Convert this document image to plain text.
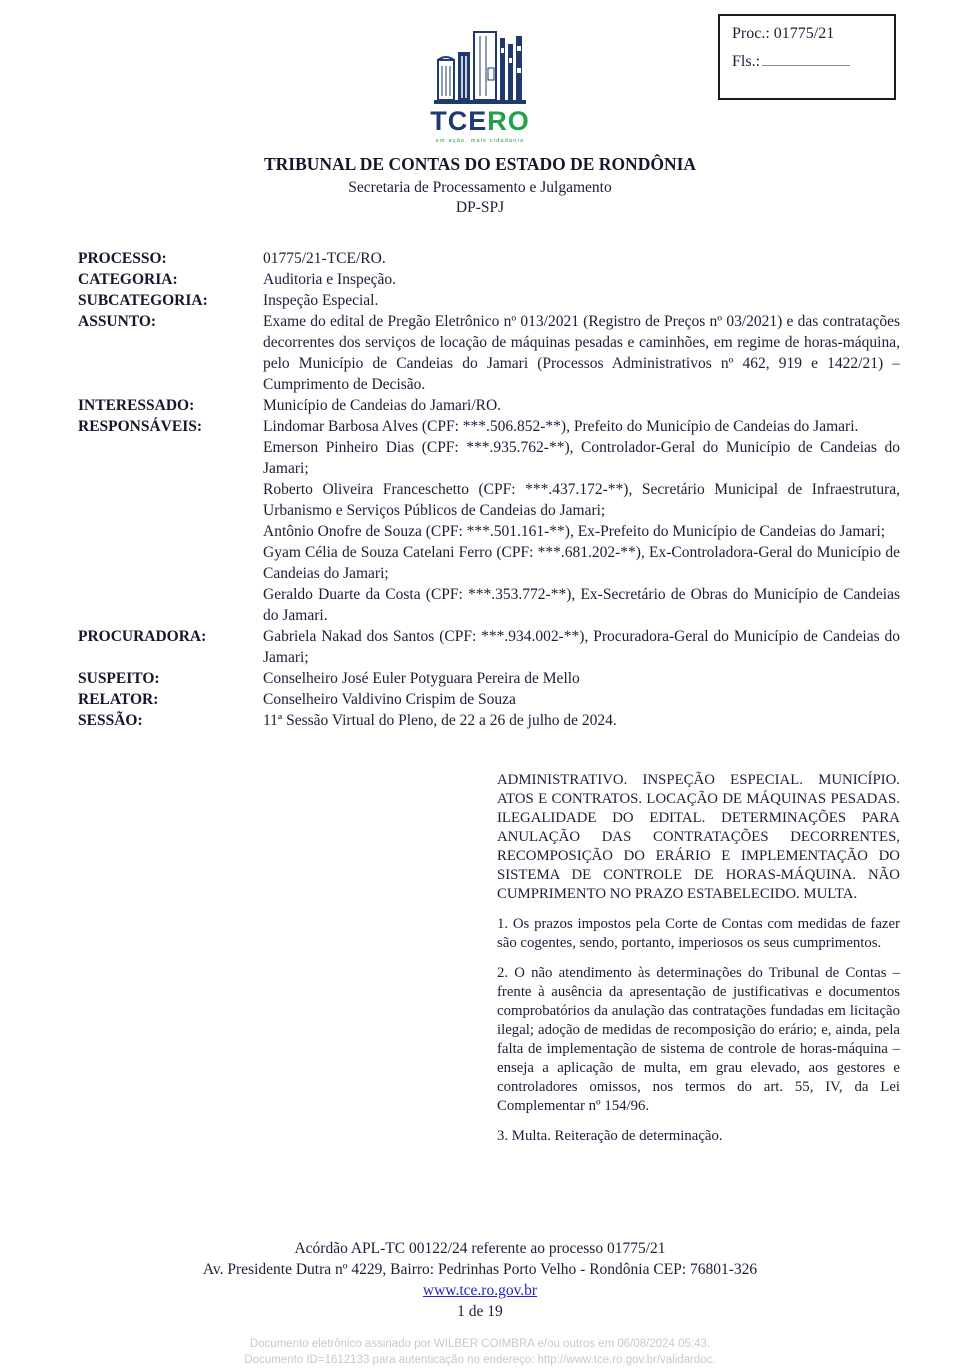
Proc.: 01775/21
Fls.:
TCERO
em ação, mais cidadania
TRIBUNAL DE CONTAS DO ESTADO DE RONDÔNIA
Secretaria de Processamento e Julgamento
DP-SPJ
PROCESSO:	01775/21-TCE/RO.

CATEGORIA:	Auditoria e Inspeção.

SUBCATEGORIA:	Inspeção Especial.

ASSUNTO:	Exame do edital de Pregão Eletrônico nº 013/2021 (Registro de Preços nº 03/2021) e das contratações decorrentes dos serviços de locação de máquinas pesadas e caminhões, em regime de horas-máquina, pelo Município de Candeias do Jamari (Processos Administrativos nº 462, 919 e 1422/21) – Cumprimento de Decisão.

INTERESSADO:	Município de Candeias do Jamari/RO.

RESPONSÁVEIS:	Lindomar Barbosa Alves (CPF: ***.506.852-**), Prefeito do Município de Candeias do Jamari.

Emerson Pinheiro Dias (CPF: ***.935.762-**), Controlador-Geral do Município de Candeias do Jamari;

Roberto Oliveira Franceschetto (CPF: ***.437.172-**), Secretário Municipal de Infraestrutura, Urbanismo e Serviços Públicos de Candeias do Jamari;

Antônio Onofre de Souza (CPF: ***.501.161-**), Ex-Prefeito do Município de Candeias do Jamari;

Gyam Célia de Souza Catelani Ferro (CPF: ***.681.202-**), Ex-Controladora-Geral do Município de Candeias do Jamari;

Geraldo Duarte da Costa (CPF: ***.353.772-**), Ex-Secretário de Obras do Município de Candeias do Jamari.

PROCURADORA:	Gabriela Nakad dos Santos (CPF: ***.934.002-**), Procuradora-Geral do Município de Candeias do Jamari;

SUSPEITO:	Conselheiro José Euler Potyguara Pereira de Mello

RELATOR:	Conselheiro Valdivino Crispim de Souza

SESSÃO:	11ª Sessão Virtual do Pleno, de 22 a 26 de julho de 2024.

ADMINISTRATIVO. INSPEÇÃO ESPECIAL. MUNICÍPIO. ATOS E CONTRATOS. LOCAÇÃO DE MÁQUINAS PESADAS. ILEGALIDADE DO EDITAL. DETERMINAÇÕES PARA ANULAÇÃO DAS CONTRATAÇÕES DECORRENTES, RECOMPOSIÇÃO DO ERÁRIO E IMPLEMENTAÇÃO DO SISTEMA DE CONTROLE DE HORAS-MÁQUINA. NÃO CUMPRIMENTO NO PRAZO ESTABELECIDO. MULTA.

1. Os prazos impostos pela Corte de Contas com medidas de fazer são cogentes, sendo, portanto, imperiosos os seus cumprimentos.

2. O não atendimento às determinações do Tribunal de Contas – frente à ausência da apresentação de justificativas e documentos comprobatórios da anulação das contratações fundadas em licitação ilegal; adoção de medidas de recomposição do erário; e, ainda, pela falta de implementação de sistema de controle de horas-máquina – enseja a aplicação de multa, em grau elevado, aos gestores e controladores omissos, nos termos do art. 55, IV, da Lei Complementar nº 154/96.

3. Multa. Reiteração de determinação.

Acórdão APL-TC 00122/24 referente ao processo 01775/21
Av. Presidente Dutra nº 4229, Bairro: Pedrinhas Porto Velho - Rondônia CEP: 76801-326
www.tce.ro.gov.br
1 de 19
Documento eletrônico assinado por WILBER COIMBRA e/ou outros em 06/08/2024 05:43.
Documento ID=1612133 para autenticação no endereço: http://www.tce.ro.gov.br/validardoc.
